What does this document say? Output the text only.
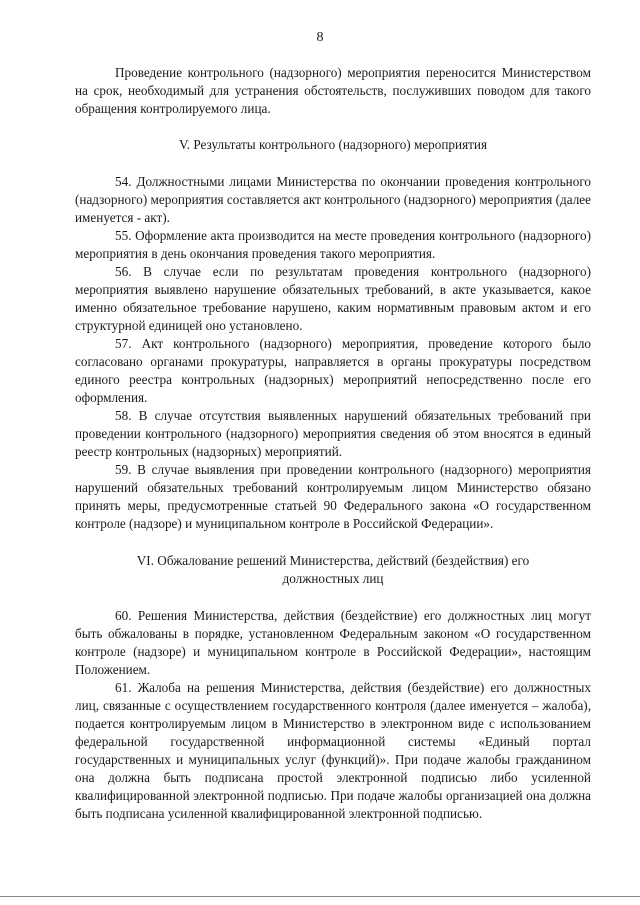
8

Проведение контрольного (надзорного) мероприятия переносится Министерством на срок, необходимый для устранения обстоятельств, послуживших поводом для такого обращения контролируемого лица.

V. Результаты контрольного (надзорного) мероприятия

54. Должностными лицами Министерства по окончании проведения контрольного (надзорного) мероприятия составляется акт контрольного (надзорного) мероприятия (далее именуется - акт).

55. Оформление акта производится на месте проведения контрольного (надзорного) мероприятия в день окончания проведения такого мероприятия.

56. В случае если по результатам проведения контрольного (надзорного) мероприятия выявлено нарушение обязательных требований, в акте указывается, какое именно обязательное требование нарушено, каким нормативным правовым актом и его структурной единицей оно установлено.

57. Акт контрольного (надзорного) мероприятия, проведение которого было согласовано органами прокуратуры, направляется в органы прокуратуры посредством единого реестра контрольных (надзорных) мероприятий непосредственно после его оформления.

58. В случае отсутствия выявленных нарушений обязательных требований при проведении контрольного (надзорного) мероприятия сведения об этом вносятся в единый реестр контрольных (надзорных) мероприятий.

59. В случае выявления при проведении контрольного (надзорного) мероприятия нарушений обязательных требований контролируемым лицом Министерство обязано принять меры, предусмотренные статьей 90 Федерального закона «О государственном контроле (надзоре) и муниципальном контроле в Российской Федерации».

VI. Обжалование решений Министерства, действий (бездействия) его

должностных лиц

60. Решения Министерства, действия (бездействие) его должностных лиц могут быть обжалованы в порядке, установленном Федеральным законом «О государственном контроле (надзоре) и муниципальном контроле в Российской Федерации», настоящим Положением.

61. Жалоба на решения Министерства, действия (бездействие) его должностных лиц, связанные с осуществлением государственного контроля (далее именуется – жалоба), подается контролируемым лицом в Министерство в электронном виде с использованием федеральной государственной информационной системы «Единый портал государственных и муниципальных услуг (функций)». При подаче жалобы гражданином она должна быть подписана простой электронной подписью либо усиленной квалифицированной электронной подписью. При подаче жалобы организацией она должна быть подписана усиленной квалифицированной электронной подписью.
